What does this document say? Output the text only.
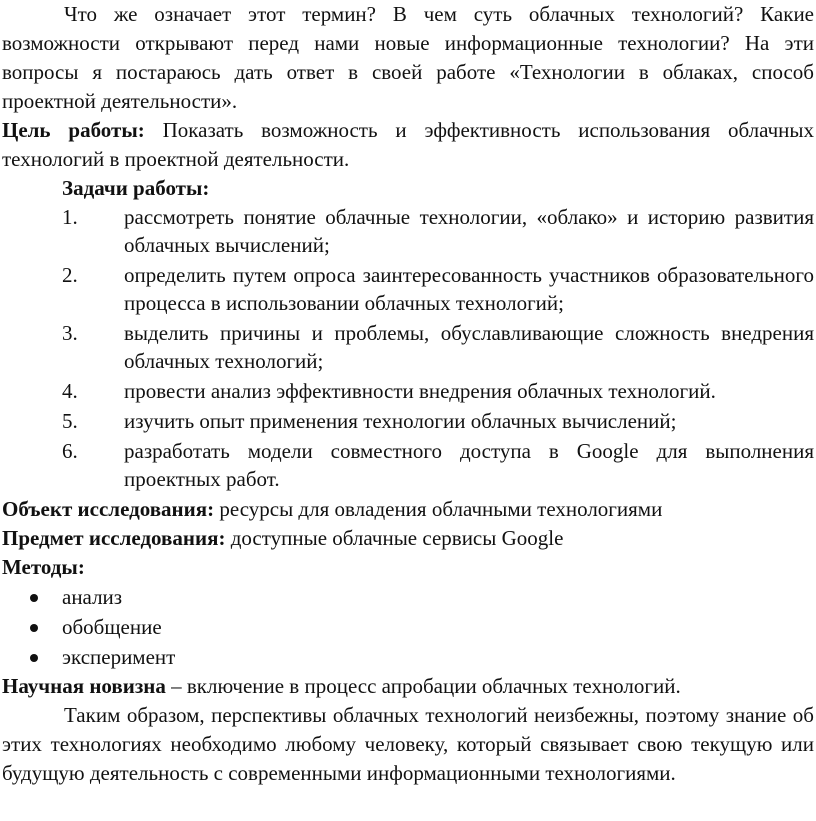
Что же означает этот термин? В чем суть облачных технологий? Какие возможности открывают перед нами новые информационные технологии? На эти вопросы я постараюсь дать ответ в своей работе «Технологии в облаках, способ проектной деятельности».

Цель работы: Показать возможность и эффективность использования облачных технологий в проектной деятельности.

Задачи работы:

1.	рассмотреть понятие облачные технологии, «облако» и историю развития облачных вычислений;
2.	определить путем опроса заинтересованность участников образовательного процесса в использовании облачных технологий;
3.	выделить причины и проблемы, обуславливающие сложность внедрения облачных технологий;
4.	провести анализ эффективности внедрения облачных технологий.
5.	изучить опыт применения технологии облачных вычислений;
6.	разработать модели совместного доступа в Google для выполнения проектных работ.

Объект исследования: ресурсы для овладения облачными технологиями

Предмет исследования: доступные облачные сервисы Google

Методы:

анализ
обобщение
эксперимент

Научная новизна – включение в процесс апробации облачных технологий.

Таким образом, перспективы облачных технологий неизбежны, поэтому знание об этих технологиях необходимо любому человеку, который связывает свою текущую или будущую деятельность с современными информационными технологиями.
